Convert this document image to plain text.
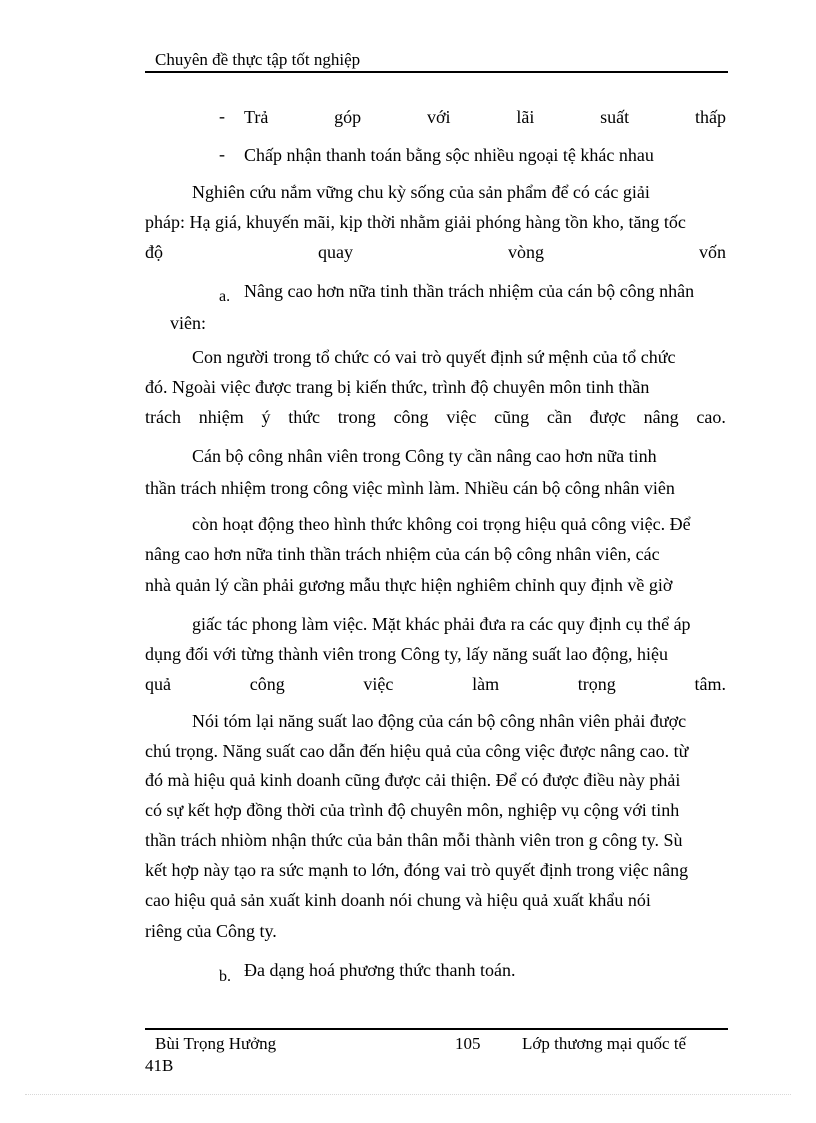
Chuyên đề thực tập tốt nghiệp
- Trả	góp	với	lãi	suất	thấp
- Chấp nhận thanh toán bằng sộc nhiều ngoại tệ khác nhau
Nghiên cứu nắm vững chu kỳ sống của sản phẩm để có các giải
pháp: Hạ giá, khuyến mãi, kịp thời nhằm giải phóng hàng tồn kho, tăng tốc
độ	quay	vòng	vốn
a. Nâng cao hơn nữa tinh thần trách nhiệm của cán bộ công nhân
viên:
Con người trong tổ chức có vai trò quyết định sứ mệnh của tổ chức
đó. Ngoài việc được trang bị kiến thức, trình độ chuyên môn tinh thần
trách nhiệm ý thức trong công việc cũng cần được nâng cao.
Cán bộ công nhân viên trong Công ty cần nâng cao hơn nữa tinh
thần trách nhiệm trong công việc mình làm. Nhiều cán bộ công nhân viên
còn hoạt động theo hình thức không coi trọng hiệu quả công việc. Để
nâng cao hơn nữa tinh thần trách nhiệm của cán bộ công nhân viên, các
nhà quản lý cần phải gương mẫu thực hiện nghiêm chỉnh quy định về giờ
giấc tác phong làm việc. Mặt khác phải đưa ra các quy định cụ thể áp
dụng đối với từng thành viên trong Công ty, lấy năng suất lao động, hiệu
quả	công	việc	làm	trọng	tâm.
Nói tóm lại năng suất lao động của cán bộ công nhân viên phải được
chú trọng. Năng suất cao dẫn đến hiệu quả của công việc được nâng cao. từ
đó mà hiệu quả kinh doanh cũng được cải thiện. Để có được điều này phải
có sự kết hợp đồng thời của trình độ chuyên môn, nghiệp vụ cộng với tinh
thần trách nhiòm nhận thức của bản thân mỗi thành viên tron g công ty. Sù
kết hợp này tạo ra sức mạnh to lớn, đóng vai trò quyết định trong việc nâng
cao hiệu quả sản xuất kinh doanh nói chung và hiệu quả xuất khẩu nói
riêng của Công ty.
b. Đa dạng hoá phương thức thanh toán.
Bùi Trọng Hưởng	105 Lớp thương mại quốc tế
41B
